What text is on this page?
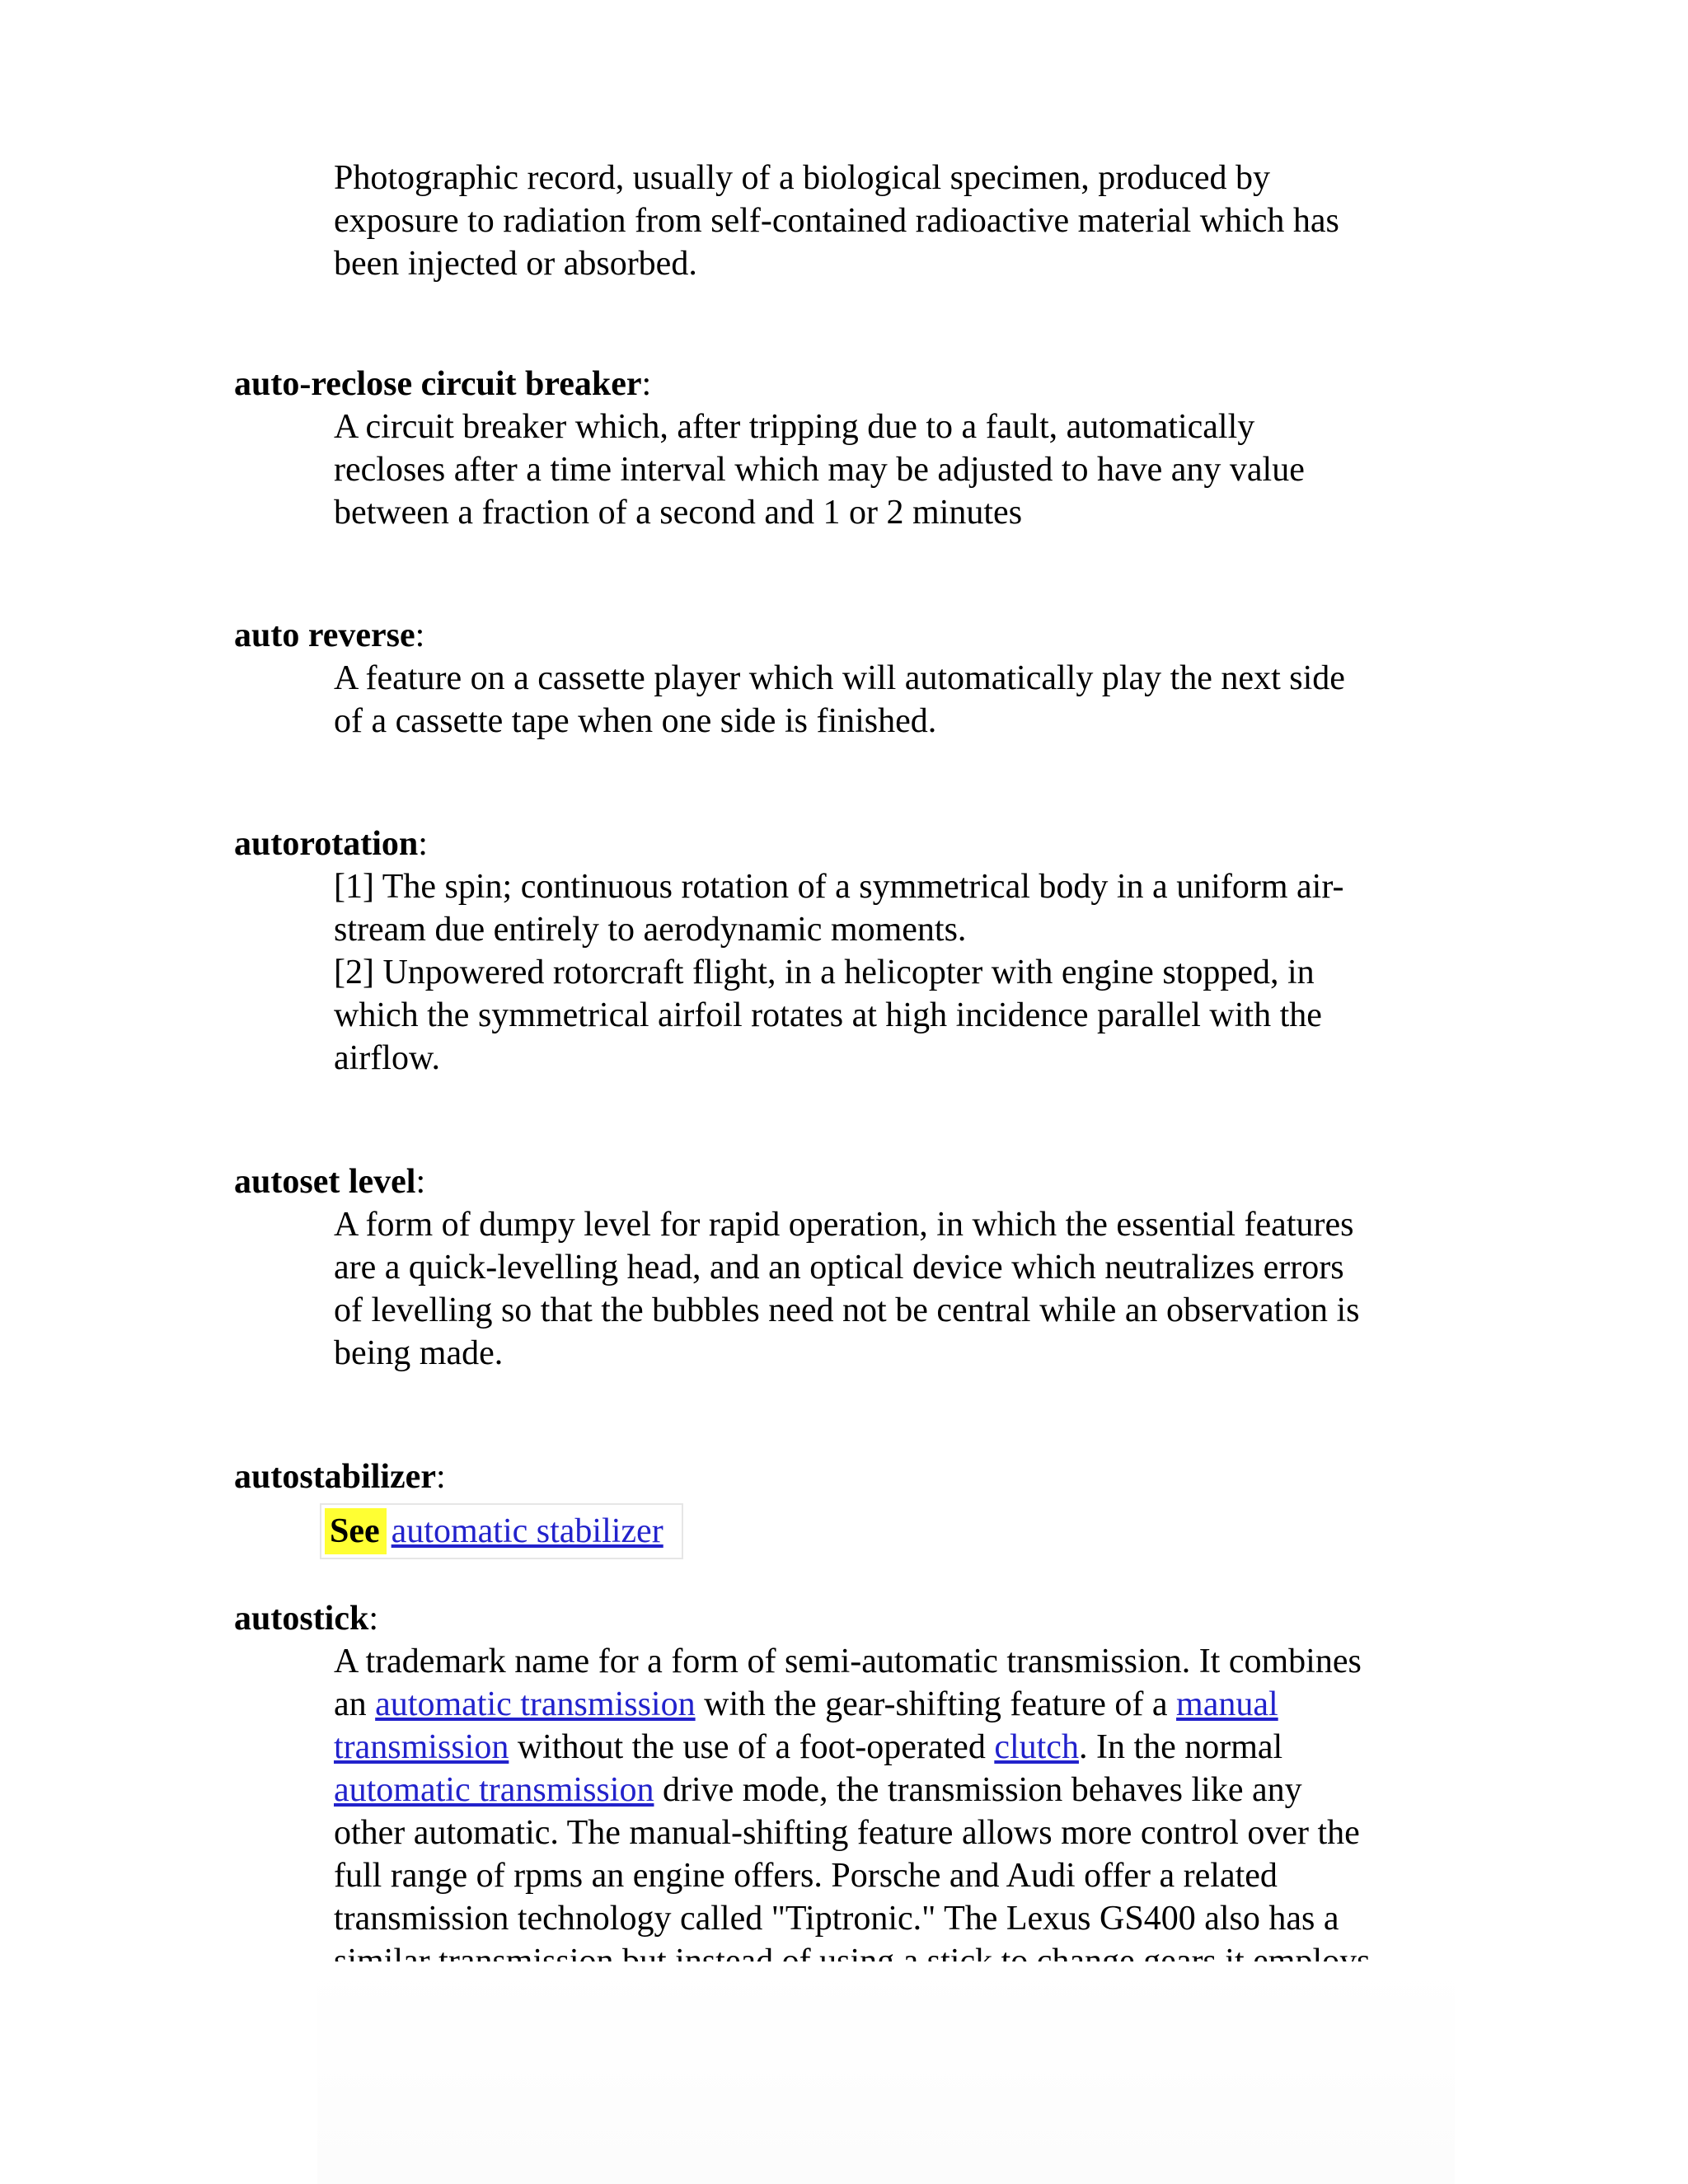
Photographic record, usually of a biological specimen, produced by
exposure to radiation from self-contained radioactive material which has
been injected or absorbed.

auto-reclose circuit breaker:

A circuit breaker which, after tripping due to a fault, automatically
recloses after a time interval which may be adjusted to have any value
between a fraction of a second and 1 or 2 minutes

auto reverse:

A feature on a cassette player which will automatically play the next side
of a cassette tape when one side is finished.

autorotation:

[1] The spin; continuous rotation of a symmetrical body in a uniform air-
stream due entirely to aerodynamic moments.
[2] Unpowered rotorcraft flight, in a helicopter with engine stopped, in
which the symmetrical airfoil rotates at high incidence parallel with the
airflow.

autoset level:

A form of dumpy level for rapid operation, in which the essential features
are a quick-levelling head, and an optical device which neutralizes errors
of levelling so that the bubbles need not be central while an observation is
being made.

autostabilizer:

See automatic stabilizer

autostick:

A trademark name for a form of semi-automatic transmission. It combines
an automatic transmission with the gear-shifting feature of a manual
transmission without the use of a foot-operated clutch. In the normal
automatic transmission drive mode, the transmission behaves like any
other automatic. The manual-shifting feature allows more control over the
full range of rpms an engine offers. Porsche and Audi offer a related
transmission technology called "Tiptronic." The Lexus GS400 also has a
